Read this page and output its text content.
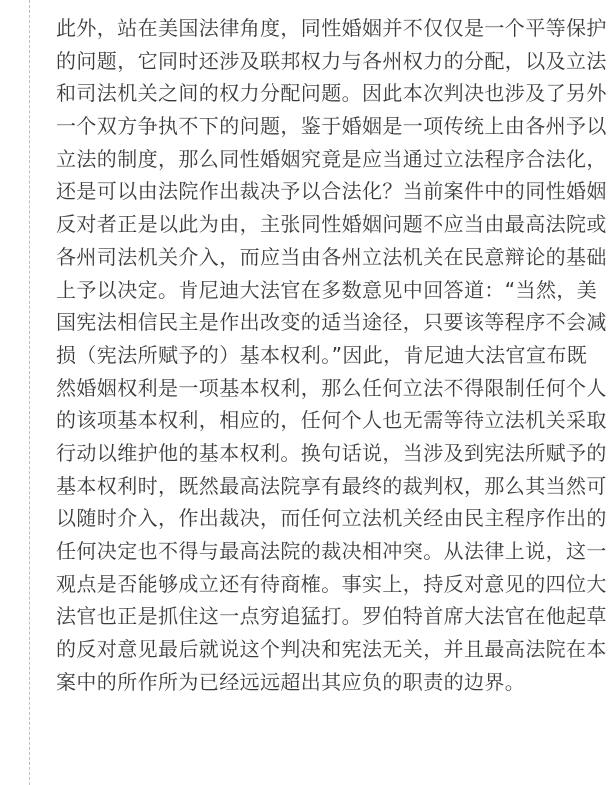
此外，站在美国法律角度，同性婚姻并不仅仅是一个平等保护
的问题，它同时还涉及联邦权力与各州权力的分配，以及立法
和司法机关之间的权力分配问题。因此本次判决也涉及了另外
一个双方争执不下的问题，鉴于婚姻是一项传统上由各州予以
立法的制度，那么同性婚姻究竟是应当通过立法程序合法化，
还是可以由法院作出裁决予以合法化？当前案件中的同性婚姻
反对者正是以此为由，主张同性婚姻问题不应当由最高法院或
各州司法机关介入，而应当由各州立法机关在民意辩论的基础
上予以决定。肯尼迪大法官在多数意见中回答道：“当然，美
国宪法相信民主是作出改变的适当途径，只要该等程序不会减
损（宪法所赋予的）基本权利。”因此，肯尼迪大法官宣布既
然婚姻权利是一项基本权利，那么任何立法不得限制任何个人
的该项基本权利，相应的，任何个人也无需等待立法机关采取
行动以维护他的基本权利。换句话说，当涉及到宪法所赋予的
基本权利时，既然最高法院享有最终的裁判权，那么其当然可
以随时介入，作出裁决，而任何立法机关经由民主程序作出的
任何决定也不得与最高法院的裁决相冲突。从法律上说，这一
观点是否能够成立还有待商榷。事实上，持反对意见的四位大
法官也正是抓住这一点穷追猛打。罗伯特首席大法官在他起草
的反对意见最后就说这个判决和宪法无关，并且最高法院在本
案中的所作所为已经远远超出其应负的职责的边界。
